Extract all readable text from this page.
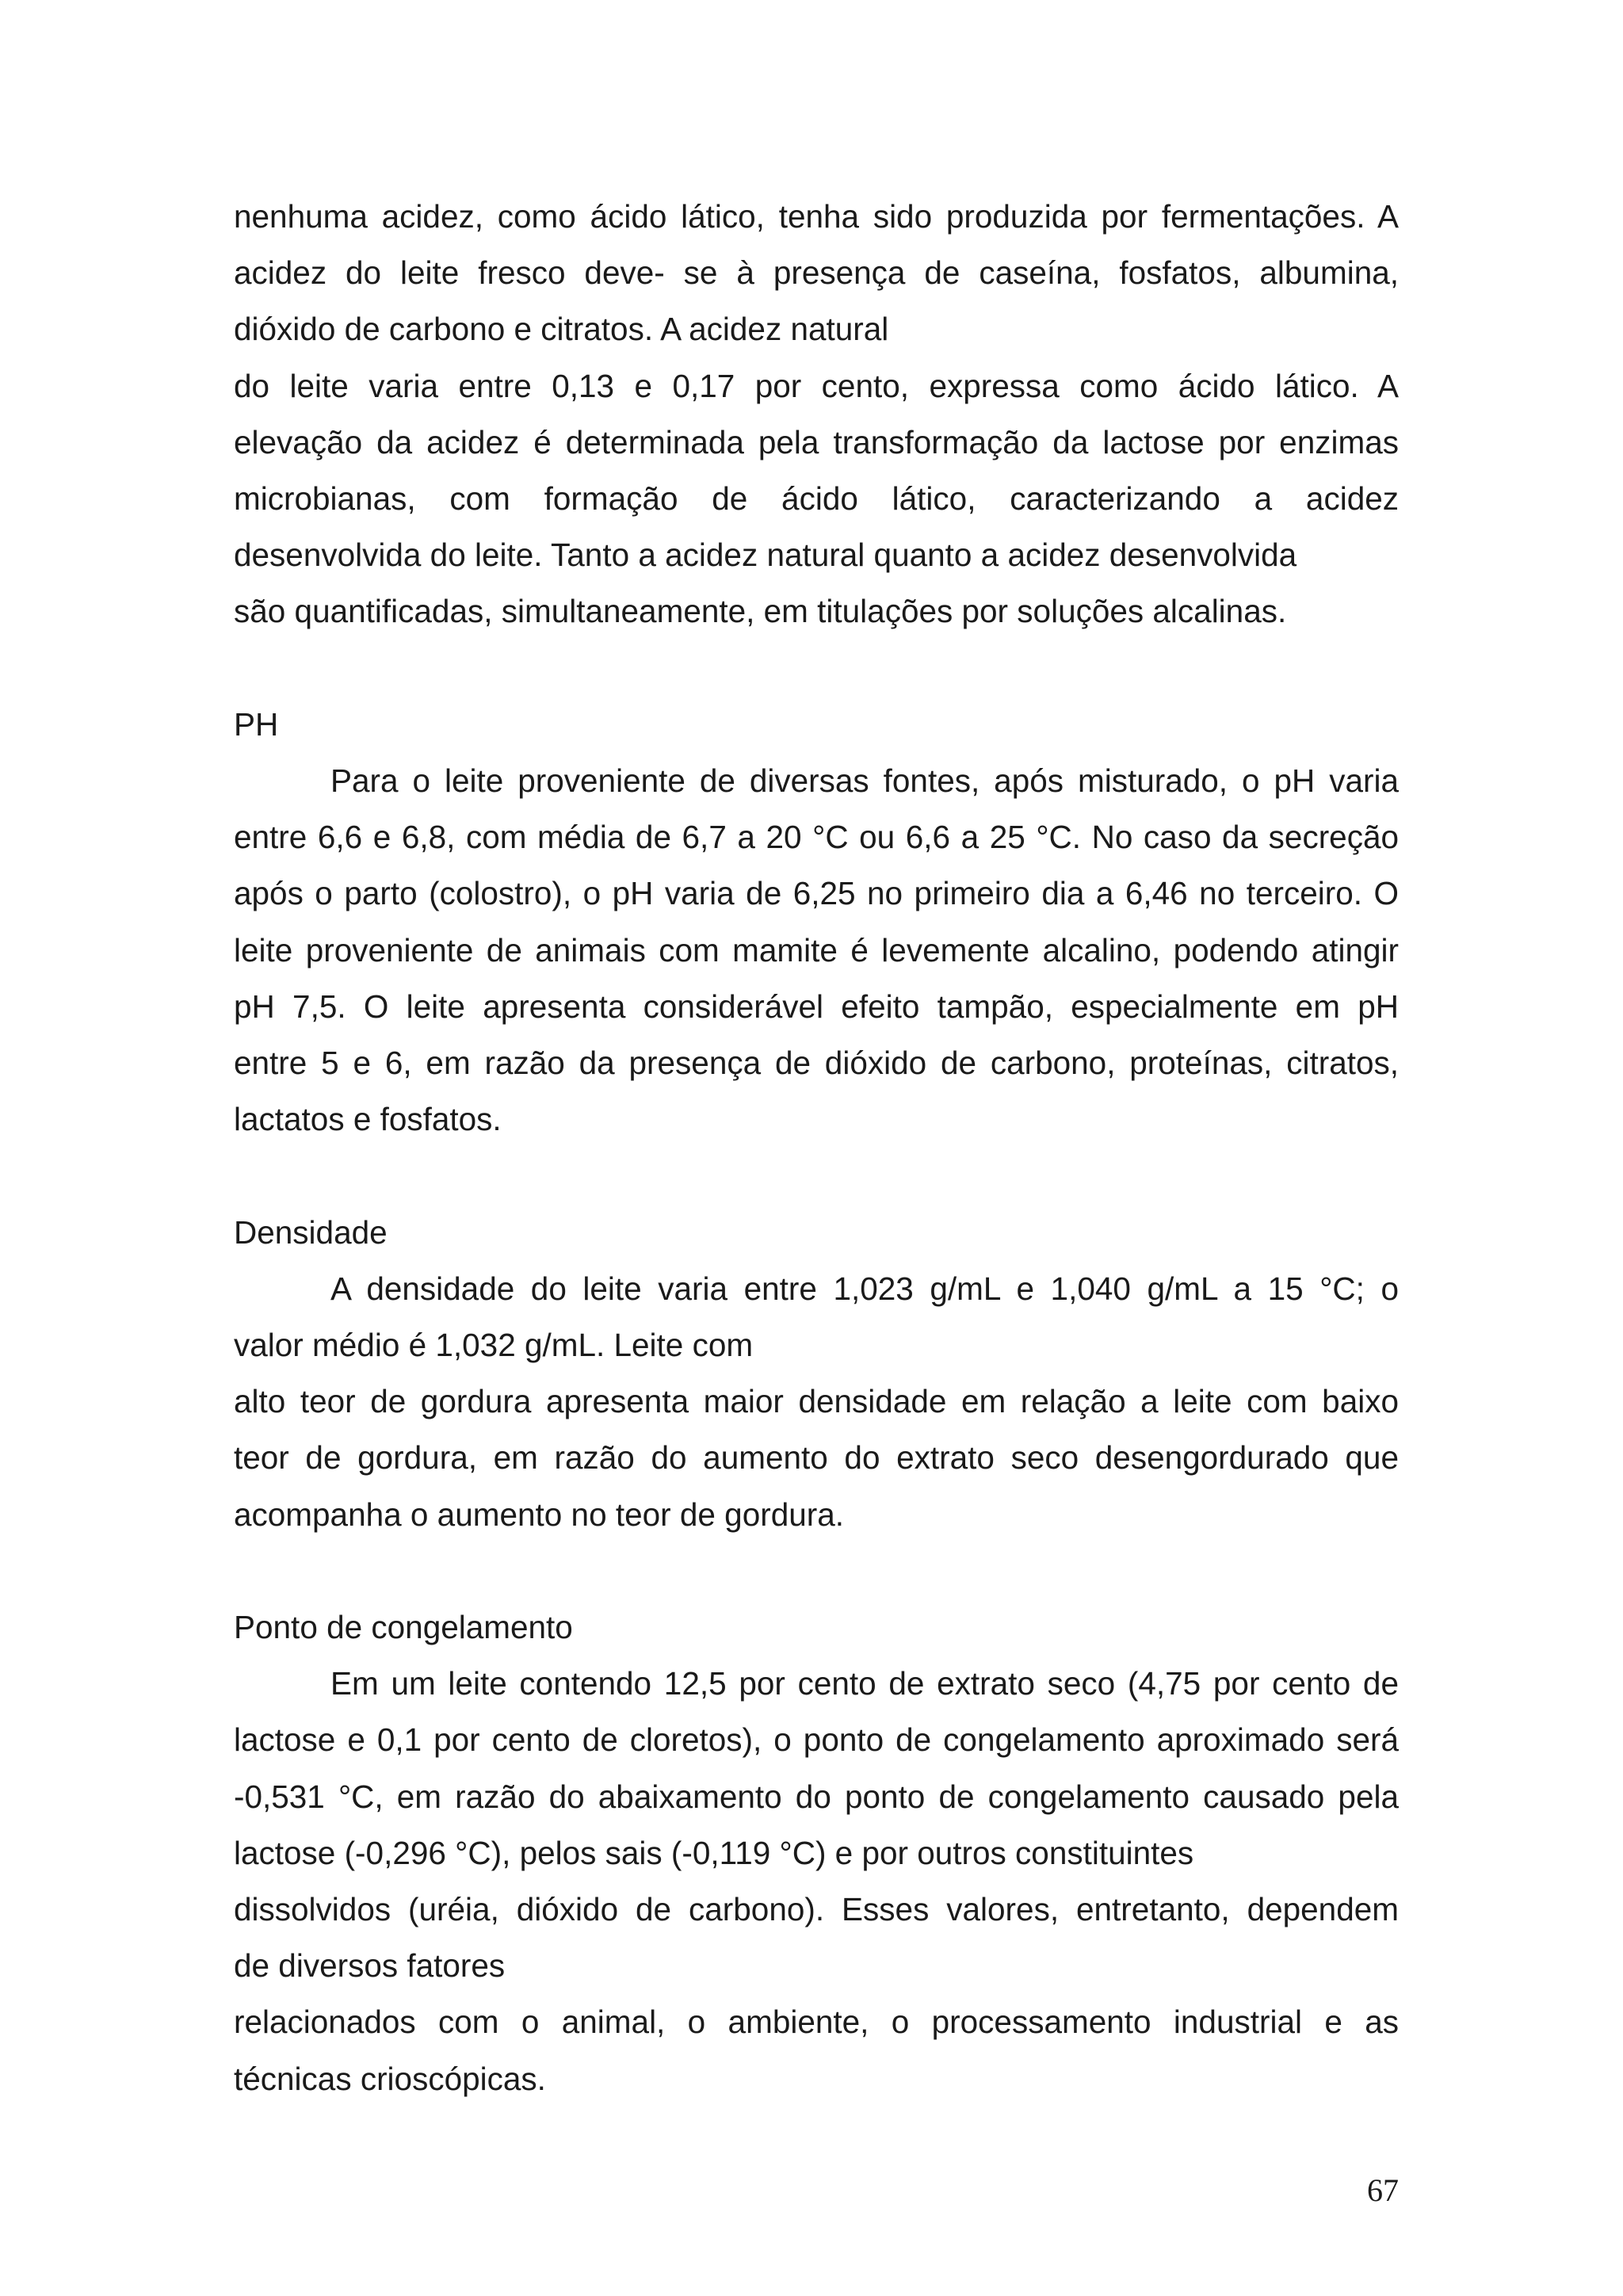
nenhuma acidez, como ácido lático, tenha sido produzida por fermentações. A
acidez do leite fresco deve- se à presença de caseína, fosfatos, albumina,
dióxido de carbono e citratos. A acidez natural
do leite varia entre 0,13 e 0,17 por cento, expressa como ácido lático. A
elevação da acidez é determinada pela transformação da lactose por enzimas
microbianas, com formação de ácido lático, caracterizando a acidez
desenvolvida do leite. Tanto a acidez natural quanto a acidez desenvolvida
são quantificadas, simultaneamente, em titulações por soluções alcalinas.
PH
Para o leite proveniente de diversas fontes, após misturado, o pH varia
entre 6,6 e 6,8, com média de 6,7 a 20 °C ou 6,6 a 25 °C. No caso da secreção
após o parto (colostro), o pH varia de 6,25 no primeiro dia a 6,46 no terceiro. O
leite proveniente de animais com mamite é levemente alcalino, podendo atingir
pH 7,5. O leite apresenta considerável efeito tampão, especialmente em pH
entre 5 e 6, em razão da presença de dióxido de carbono, proteínas, citratos,
lactatos e fosfatos.
Densidade
A densidade do leite varia entre 1,023 g/mL e 1,040 g/mL a 15 °C; o
valor médio é 1,032 g/mL. Leite com
alto teor de gordura apresenta maior densidade em relação a leite com baixo
teor de gordura, em razão do aumento do extrato seco desengordurado que
acompanha o aumento no teor de gordura.
Ponto de congelamento
Em um leite contendo 12,5 por cento de extrato seco (4,75 por cento de
lactose e 0,1 por cento de cloretos), o ponto de congelamento aproximado será
-0,531 °C, em razão do abaixamento do ponto de congelamento causado pela
lactose (-0,296 °C), pelos sais (-0,119 °C) e por outros constituintes
dissolvidos (uréia, dióxido de carbono). Esses valores, entretanto, dependem
de diversos fatores
relacionados com o animal, o ambiente, o processamento industrial e as
técnicas crioscópicas.
67
